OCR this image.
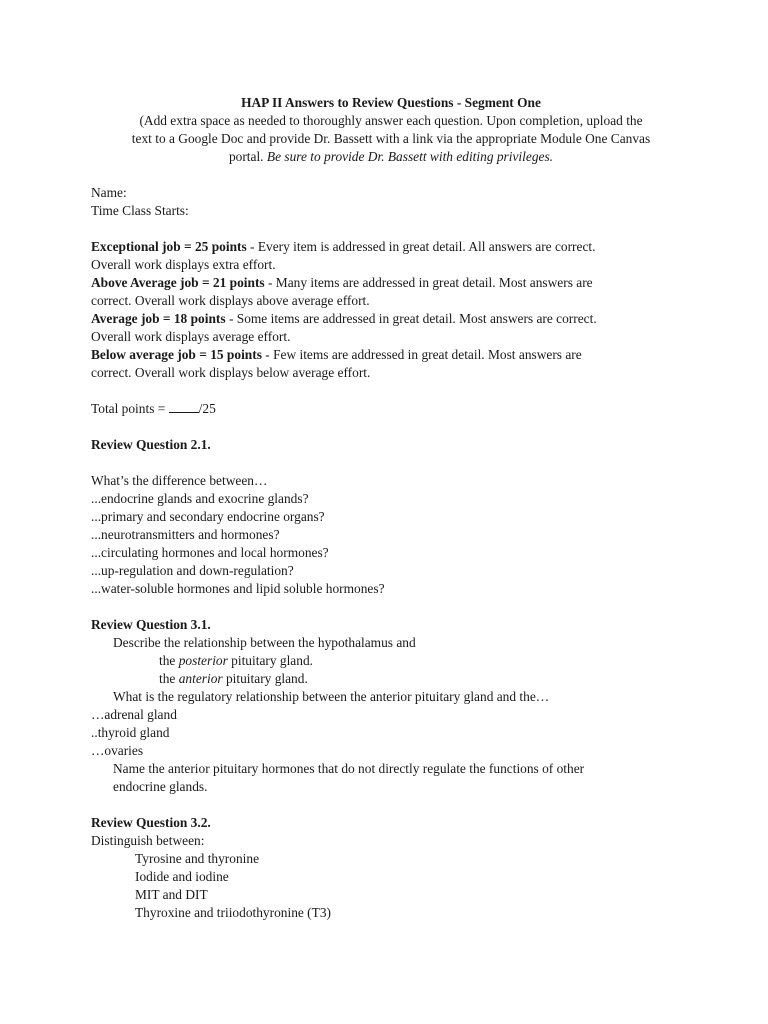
HAP II Answers to Review Questions - Segment One
(Add extra space as needed to thoroughly answer each question. Upon completion, upload the
text to a Google Doc and provide Dr. Bassett with a link via the appropriate Module One Canvas
portal. Be sure to provide Dr. Bassett with editing privileges.
Name:
Time Class Starts:
Exceptional job = 25 points - Every item is addressed in great detail. All answers are correct.
Overall work displays extra effort.
Above Average job = 21 points - Many items are addressed in great detail. Most answers are
correct. Overall work displays above average effort.
Average job = 18 points - Some items are addressed in great detail. Most answers are correct.
Overall work displays average effort.
Below average job = 15 points - Few items are addressed in great detail. Most answers are
correct. Overall work displays below average effort.
Total points = /25
Review Question 2.1.
What’s the difference between…
...endocrine glands and exocrine glands?
...primary and secondary endocrine organs?
...neurotransmitters and hormones?
...circulating hormones and local hormones?
...up-regulation and down-regulation?
...water-soluble hormones and lipid soluble hormones?
Review Question 3.1.
Describe the relationship between the hypothalamus and
the posterior pituitary gland.
the anterior pituitary gland.
What is the regulatory relationship between the anterior pituitary gland and the…
…adrenal gland
..thyroid gland
…ovaries
Name the anterior pituitary hormones that do not directly regulate the functions of other
endocrine glands.
Review Question 3.2.
Distinguish between:
Tyrosine and thyronine
Iodide and iodine
MIT and DIT
Thyroxine and triiodothyronine (T3)
